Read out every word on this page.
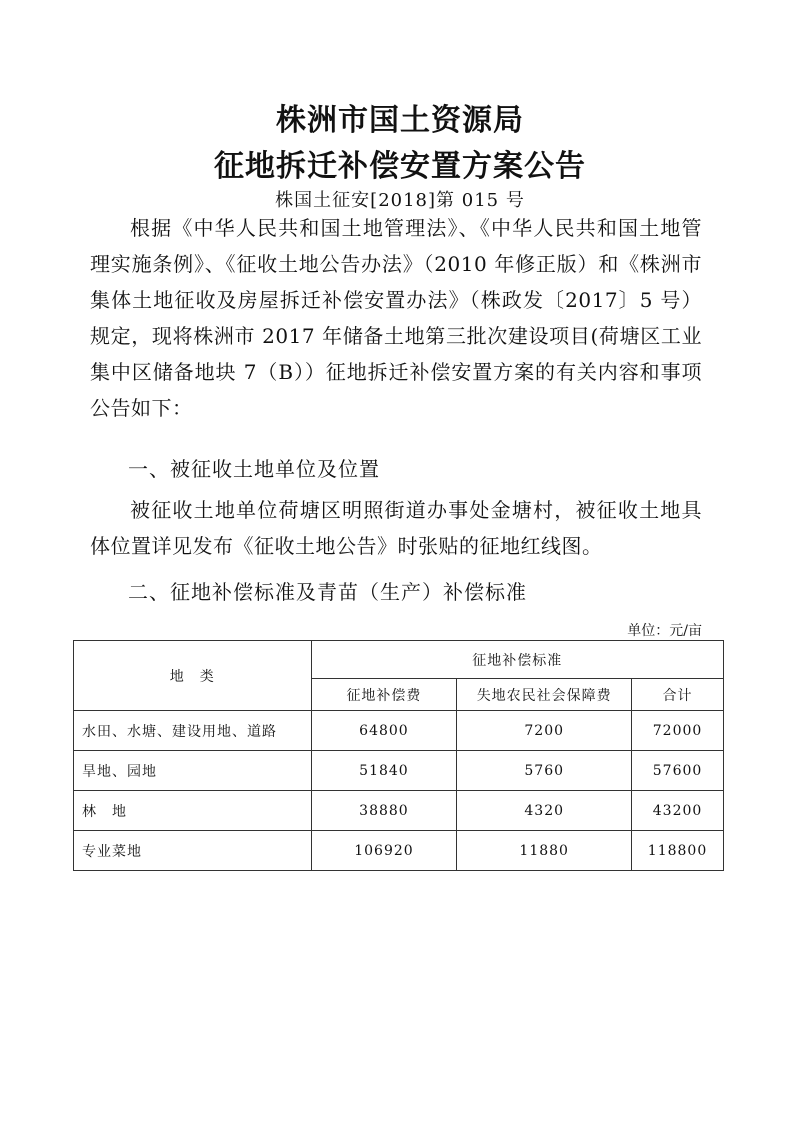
株洲市国土资源局
征地拆迁补偿安置方案公告
株国土征安[2018]第 015 号

根据《中华人民共和国土地管理法》、《中华人民共和国土地管理实施条例》、《征收土地公告办法》（2010 年修正版）和《株洲市集体土地征收及房屋拆迁补偿安置办法》（株政发〔2017〕5 号）规定，现将株洲市 2017 年储备土地第三批次建设项目(荷塘区工业集中区储备地块 7（B））征地拆迁补偿安置方案的有关内容和事项公告如下：

一、被征收土地单位及位置

被征收土地单位荷塘区明照街道办事处金塘村，被征收土地具体位置详见发布《征收土地公告》时张贴的征地红线图。

二、征地补偿标准及青苗（生产）补偿标准
单位：元/亩
地　类	征地补偿标准		
	征地补偿费	失地农民社会保障费	合计
水田、水塘、建设用地、道路	64800	7200	72000
旱地、园地	51840	5760	57600
林　地	38880	4320	43200
专业菜地	106920	11880	118800
